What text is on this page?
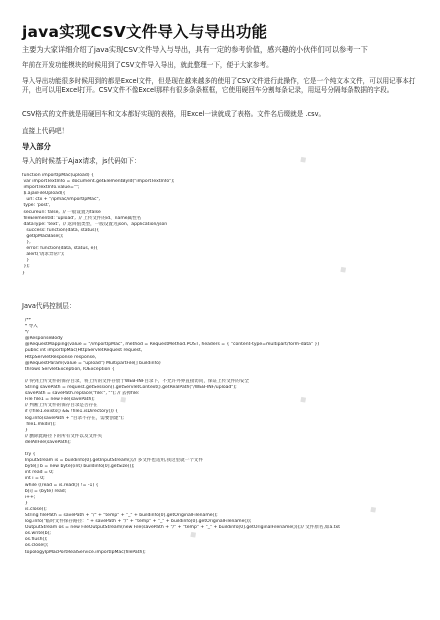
java实现CSV文件导入与导出功能
主要为大家详细介绍了java实现CSV文件导入与导出，具有一定的参考价值，感兴趣的小伙伴们可以参考一下
年前在开发功能模块的时候用到了CSV文件导入导出，就此整理一下，便于大家参考。
导入导出功能很多时候用到的都是Excel文件，但是现在越来越多的使用了CSV文件进行此操作，它是一个纯文本文件，可以用记事本打开，也可以用Excel打开。CSV文件不像Excel那样有很多条条框框，它使用硬回车分割每条记录，用逗号分隔每条数据的字段。
CSV格式的文件就是用硬回车和文本都好实现的表格，用Excel一读就成了表格。文件名后缀就是 .csv。
直接上代码吧！
导入部分
导入的时候基于Ajax请求，js代码如下：
function importIpMac(upload) {
var importTextInfo = document.getElementById("importTextInfo");
importTextInfo.value="";
$.ajaxFileUpload({
url: ctx + "/ipmac/importIpMac",
type: 'post',
secureuri: false,  // 一般设置为false
fileElementId: 'upload',  // 上传文件的id、name属性名
dataType: 'text',  // 返回值类型，一般设置为json、application/json
success: function(data, status){
getIpMacBase();
},
error: function(data, status, e){
alert('请求异常!');
}
});
}
Java代码控制层：
/**
* 导入
*/
@ResponseBody
@RequestMapping(value = "/importIpMac", method = RequestMethod.POST, headers = { "content-type=multipart/form-data" })
public int importIpMac(HttpServletRequest request,
HttpServletResponse response,
@RequestParam(value = "upload") MultipartFile[] buildinfo)
throws ServletException, IOException {
// 得到上传文件的保存目录，将上传的文件存放于WEB-INF目录下，不允许外界直接访问，保证上传文件的安全
String savePath = request.getSession().getServletContext().getRealPath("/WEB-INF/upload");
savePath = savePath.replace("file:", ""); // 去掉file:
File file1 = new File(savePath);
// 判断上传文件的保存目录是否存在
if (!file1.exists() && !file1.isDirectory()) {
log.info(savePath + "目录不存在，需要创建");
file1.mkdir();
}
// 删除此路径下的所有文件以及文件夹
delAllFile(savePath);
try {
InputStream is = buildinfo[0].getInputStream();// 多文件也适用,我这里就一个文件
byte[] b = new byte[(int) buildinfo[0].getSize()];
int read = 0;
int i = 0;
while ((read = is.read()) != -1) {
b[i] = (byte) read;
i++;
}
is.close();
String filePath = savePath + "/" + "temp" + "_" + buildinfo[0].getOriginalFilename();
log.info("临时文件保存路径：" + savePath + "/" + "temp" + "_" + buildinfo[0].getOriginalFilename());
OutputStream os = new FileOutputStream(new File(savePath + "/" + "temp" + "_" + buildinfo[0].getOriginalFilename()));// 文件原名,如a.txt
os.write(b);
os.flush();
os.close();
topologyIpMacPortRealService.importIpMac(filePath);
◆
◆
◆
◆
◆
◆
